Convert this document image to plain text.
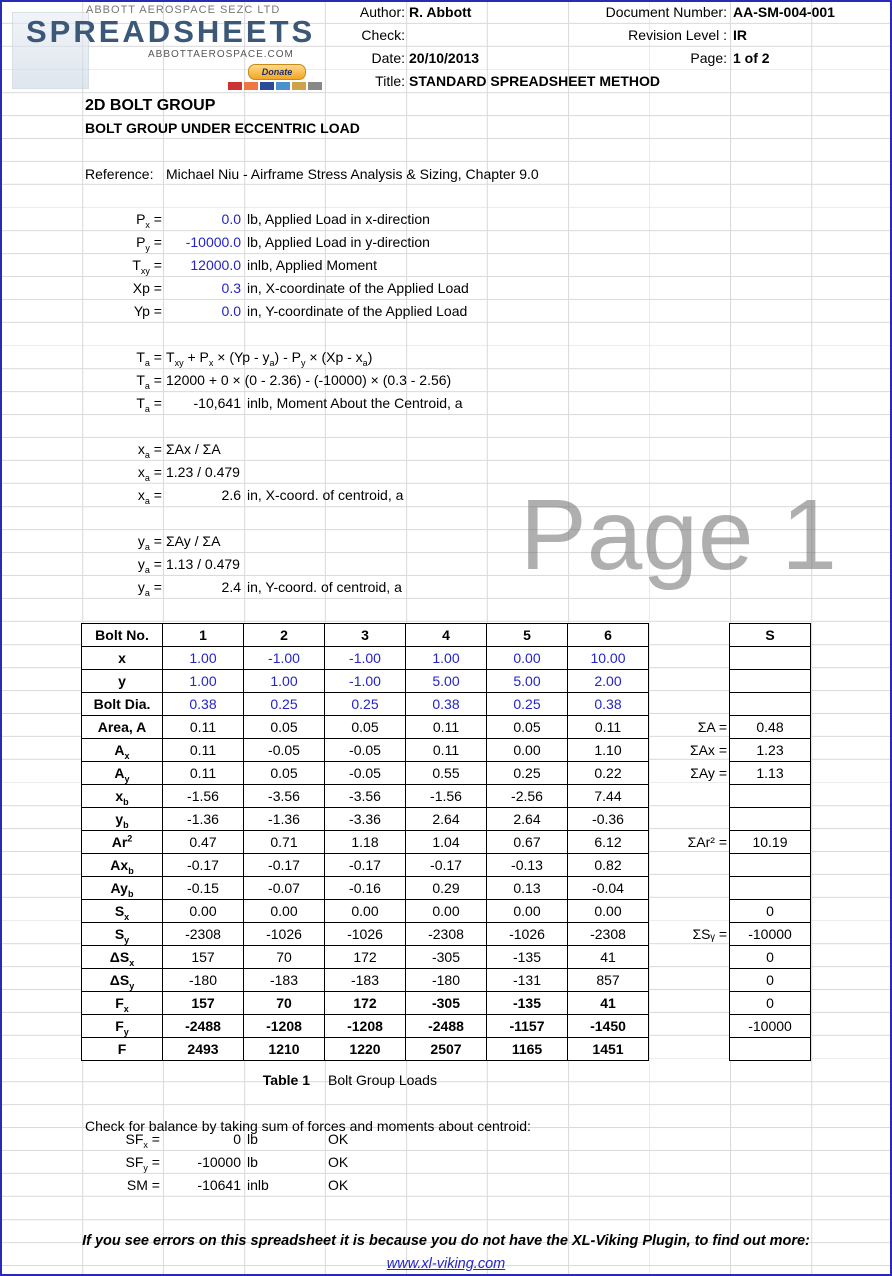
ABBOTT AEROSPACE SEZC LTD
SPREADSHEETS
ABBOTTAEROSPACE.COM
Donate
Author: R. Abbott
Check:
Date: 20/10/2013
Title: STANDARD SPREADSHEET METHOD
Document Number: AA-SM-004-001
Revision Level : IR
Page: 1 of 2
2D BOLT GROUP
BOLT GROUP UNDER ECCENTRIC LOAD
Reference: Michael Niu - Airframe Stress Analysis & Sizing, Chapter 9.0
Page 1
Bolt No.	1	2	3	4	5	6		S
x	1.00	-1.00	-1.00	1.00	0.00	10.00		
y	1.00	1.00	-1.00	5.00	5.00	2.00		
Bolt Dia.	0.38	0.25	0.25	0.38	0.25	0.38		
Area, A	0.11	0.05	0.05	0.11	0.05	0.11	ΣA =	0.48
$A_x$	0.11	-0.05	-0.05	0.11	0.00	1.10	ΣAx =	1.23
$A_y$	0.11	0.05	-0.05	0.55	0.25	0.22	ΣAy =	1.13
$x_b$	-1.56	-3.56	-3.56	-1.56	-2.56	7.44		
$y_b$	-1.36	-1.36	-3.36	2.64	2.64	-0.36		
Ar$^2$	0.47	0.71	1.18	1.04	0.67	6.12	ΣAr² =	10.19
$Ax_b$	-0.17	-0.17	-0.17	-0.17	-0.13	0.82		
$Ay_b$	-0.15	-0.07	-0.16	0.29	0.13	-0.04		
$S_x$	0.00	0.00	0.00	0.00	0.00	0.00		0
$S_y$	-2308	-1026	-1026	-2308	-1026	-2308	ΣSᵧ =	-10000
$\Delta S_x$	157	70	172	-305	-135	41		0
$\Delta S_y$	-180	-183	-183	-180	-131	857		0
$F_x$	157	70	172	-305	-135	41		0
$F_y$	-2488	-1208	-1208	-2488	-1157	-1450		-10000
F	2493	1210	1220	2507	1165	1451		
Table 1 Bolt Group Loads
Check for balance by taking sum of forces and moments about centroid:
If you see errors on this spreadsheet it is because you do not have the XL-Viking Plugin, to find out more:
www.xl-viking.com
$P_x$ =	0.0 lb, Applied Load in x-direction
$P_y$ =	-10000.0 lb, Applied Load in y-direction
$T_{xy}$ =	12000.0 inlb, Applied Moment
Xp =	0.3 in, X-coordinate of the Applied Load
Yp =	0.0 in, Y-coordinate of the Applied Load
$T_a = T_{xy} + P_x \times (Yp - y_a) - P_y \times (Xp - x_a)$
$T_a = 12000 + 0 \times (0 - 2.36) - (-10000) \times (0.3 - 2.56)$
$T_a$ =	-10,641 inlb, Moment About the Centroid, a
$x_a = \Sigma Ax / \Sigma A$
$x_a = 1.23 / 0.479$
$x_a$ =	2.6 in, X-coord. of centroid, a
$y_a = \Sigma Ay / \Sigma A$
$y_a = 1.13 / 0.479$
$y_a$ =	2.4 in, Y-coord. of centroid, a
$SF_x$ =	0 lb	OK
$SF_y$ =	-10000 lb	OK
SM =	-10641 inlb	OK
